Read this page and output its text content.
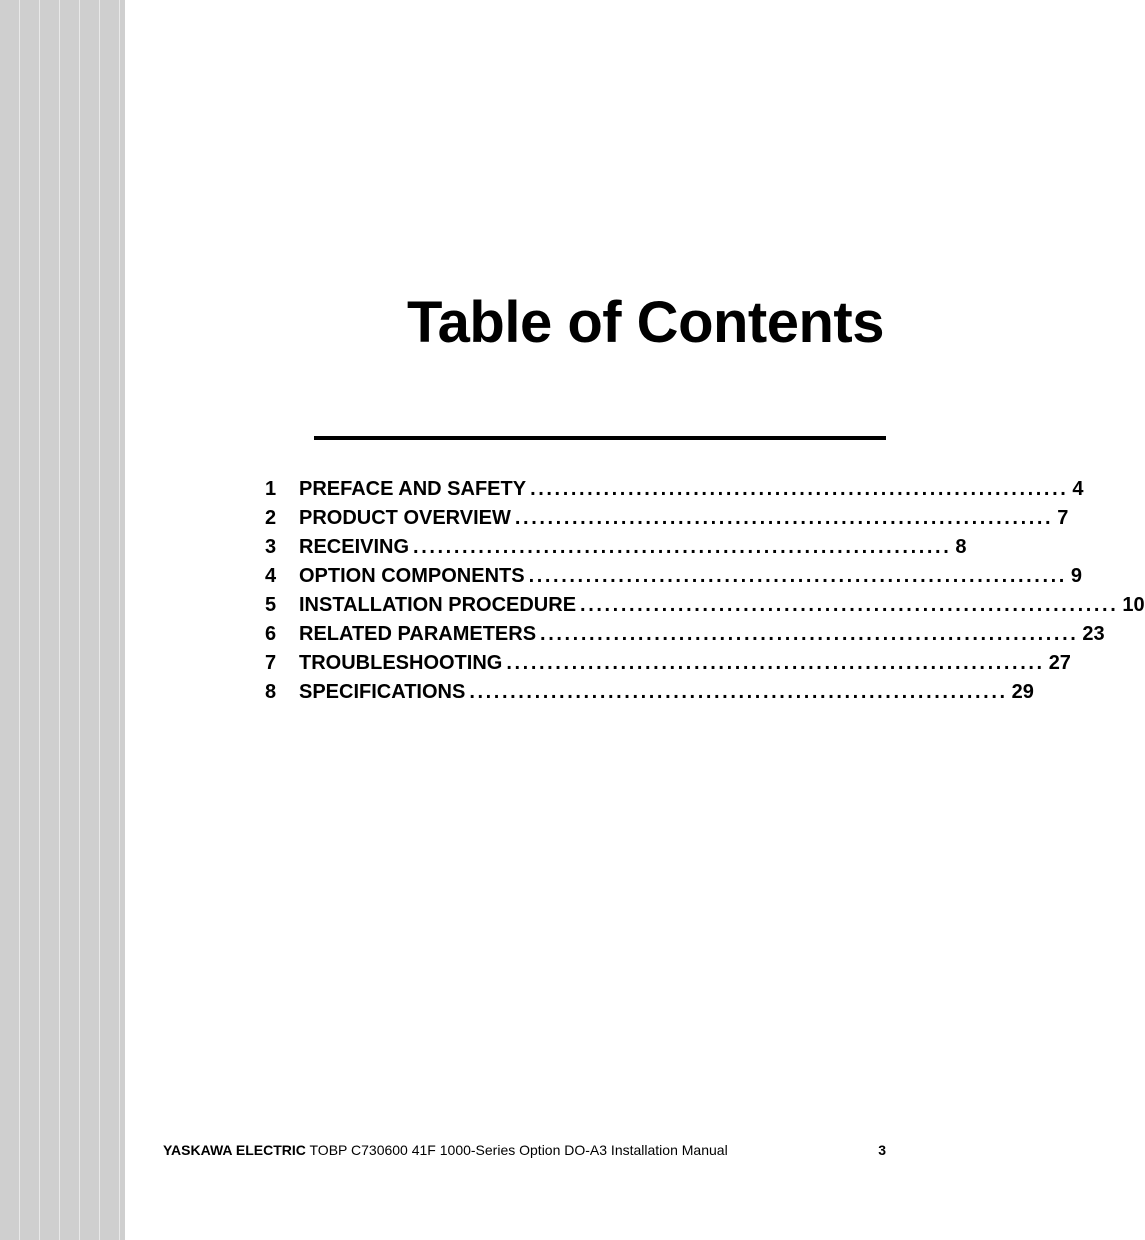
Table of Contents
1	PREFACE AND SAFETY .................................................................. 4
2	PRODUCT OVERVIEW .................................................................. 7
3	RECEIVING .................................................................. 8
4	OPTION COMPONENTS .................................................................. 9
5	INSTALLATION PROCEDURE .................................................................. 10
6	RELATED PARAMETERS .................................................................. 23
7	TROUBLESHOOTING .................................................................. 27
8	SPECIFICATIONS .................................................................. 29
YASKAWA ELECTRIC TOBP C730600 41F 1000-Series Option DO-A3 Installation Manual	3
